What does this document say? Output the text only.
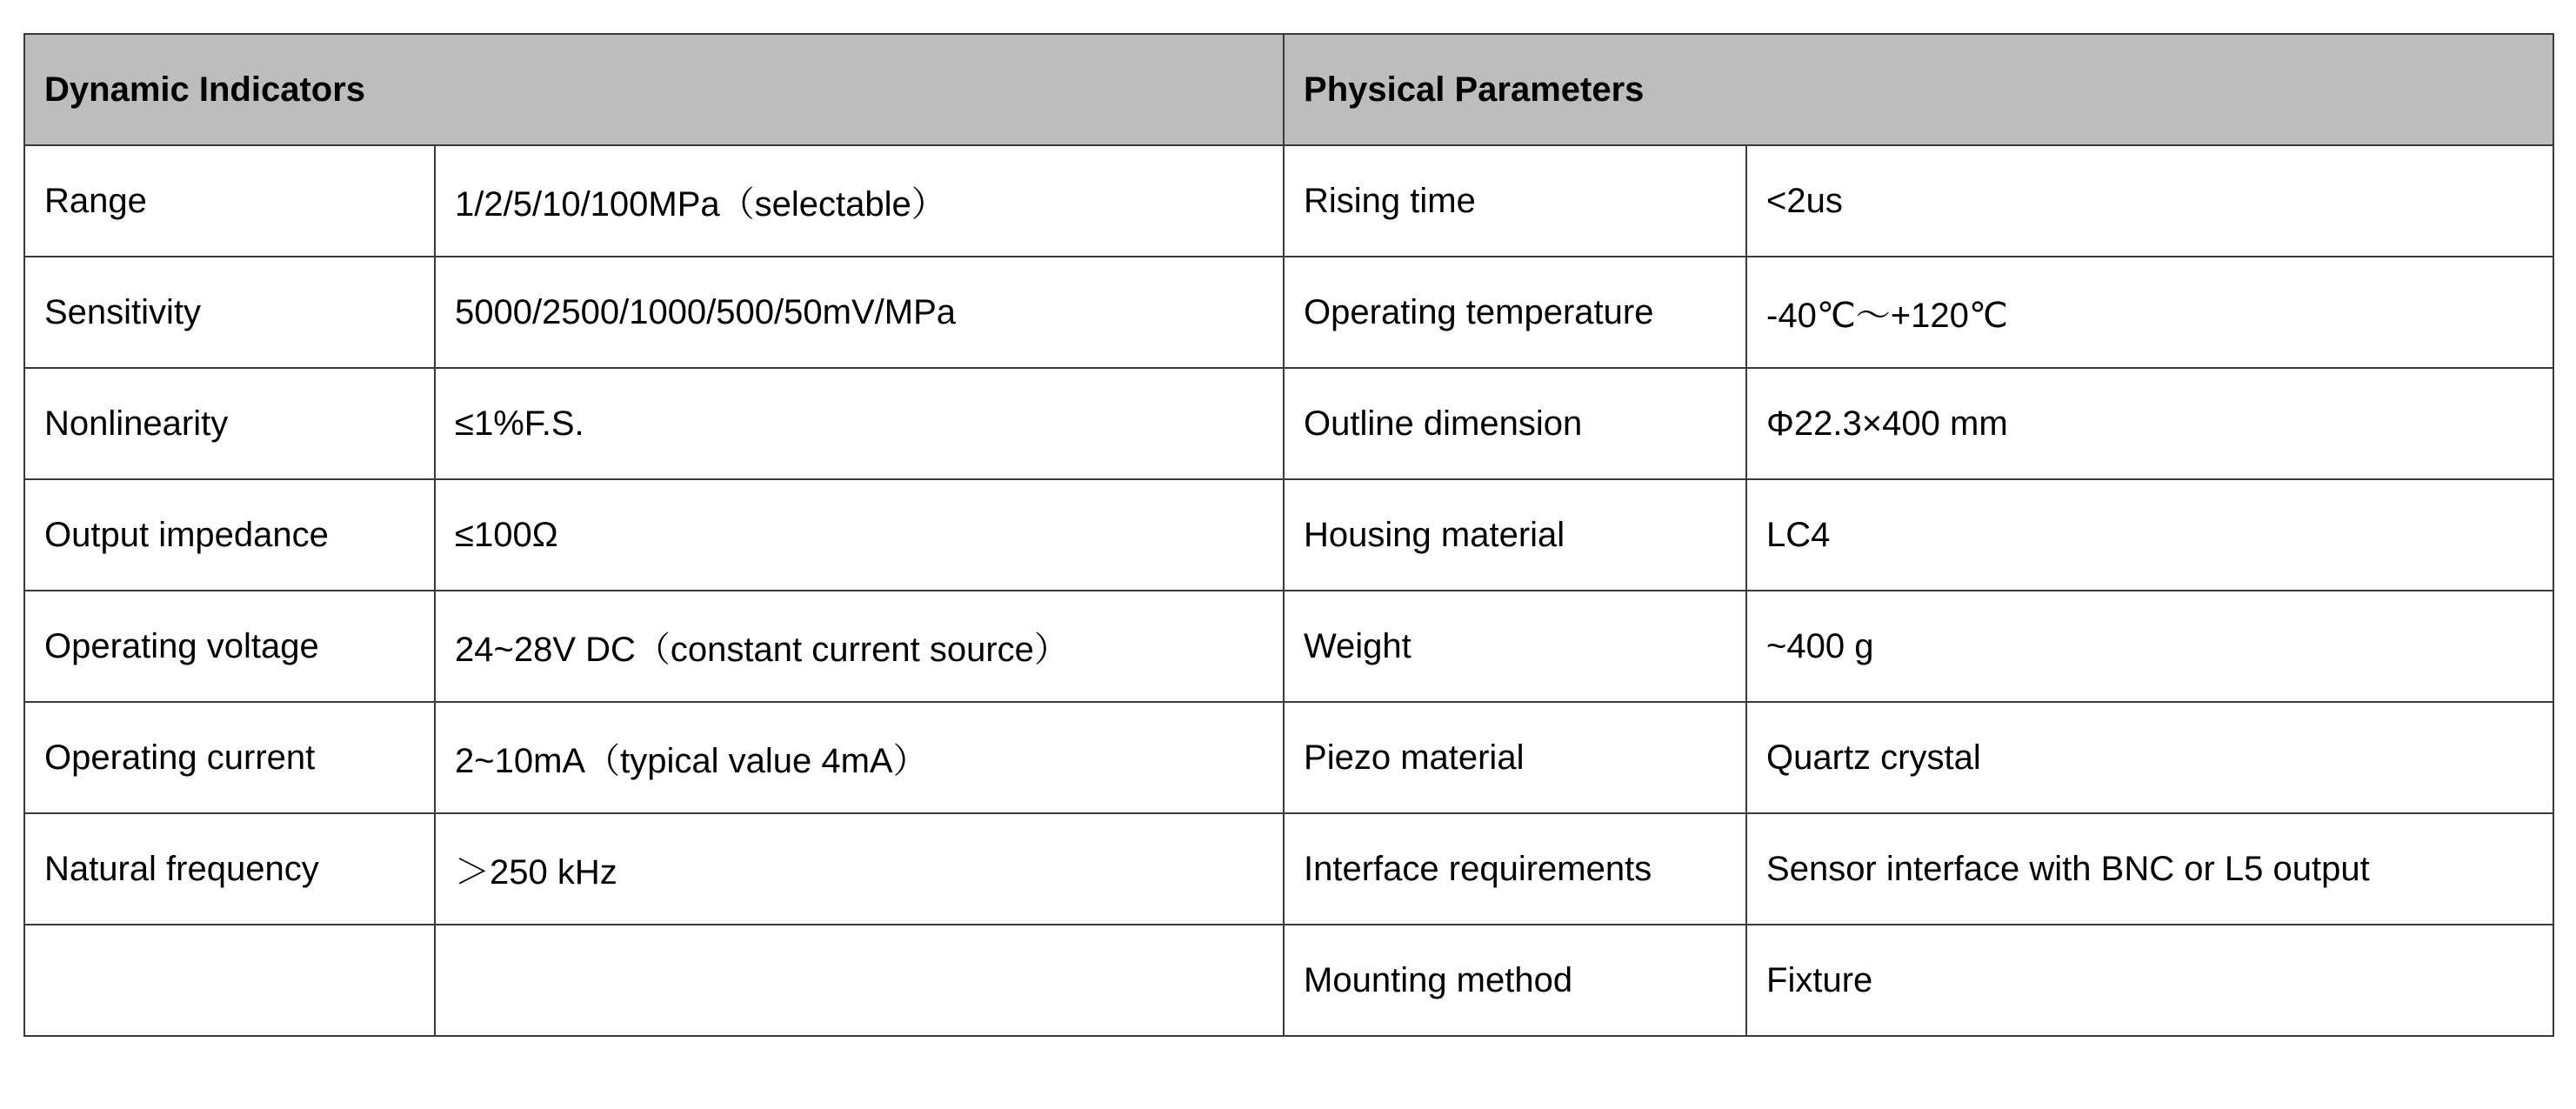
Dynamic Indicators		Physical Parameters	
Range	1/2/5/10/100MPa（selectable）	Rising time	<2us
Sensitivity	5000/2500/1000/500/50mV/MPa	Operating temperature	-40℃～+120℃
Nonlinearity	≤1%F.S.	Outline dimension	Φ22.3×400 mm
Output impedance	≤100Ω	Housing material	LC4
Operating voltage	24~28V DC（constant current source）	Weight	~400 g
Operating current	2~10mA（typical value 4mA）	Piezo material	Quartz crystal
Natural frequency	＞250 kHz	Interface requirements	Sensor interface with BNC or L5 output
		Mounting method	Fixture
